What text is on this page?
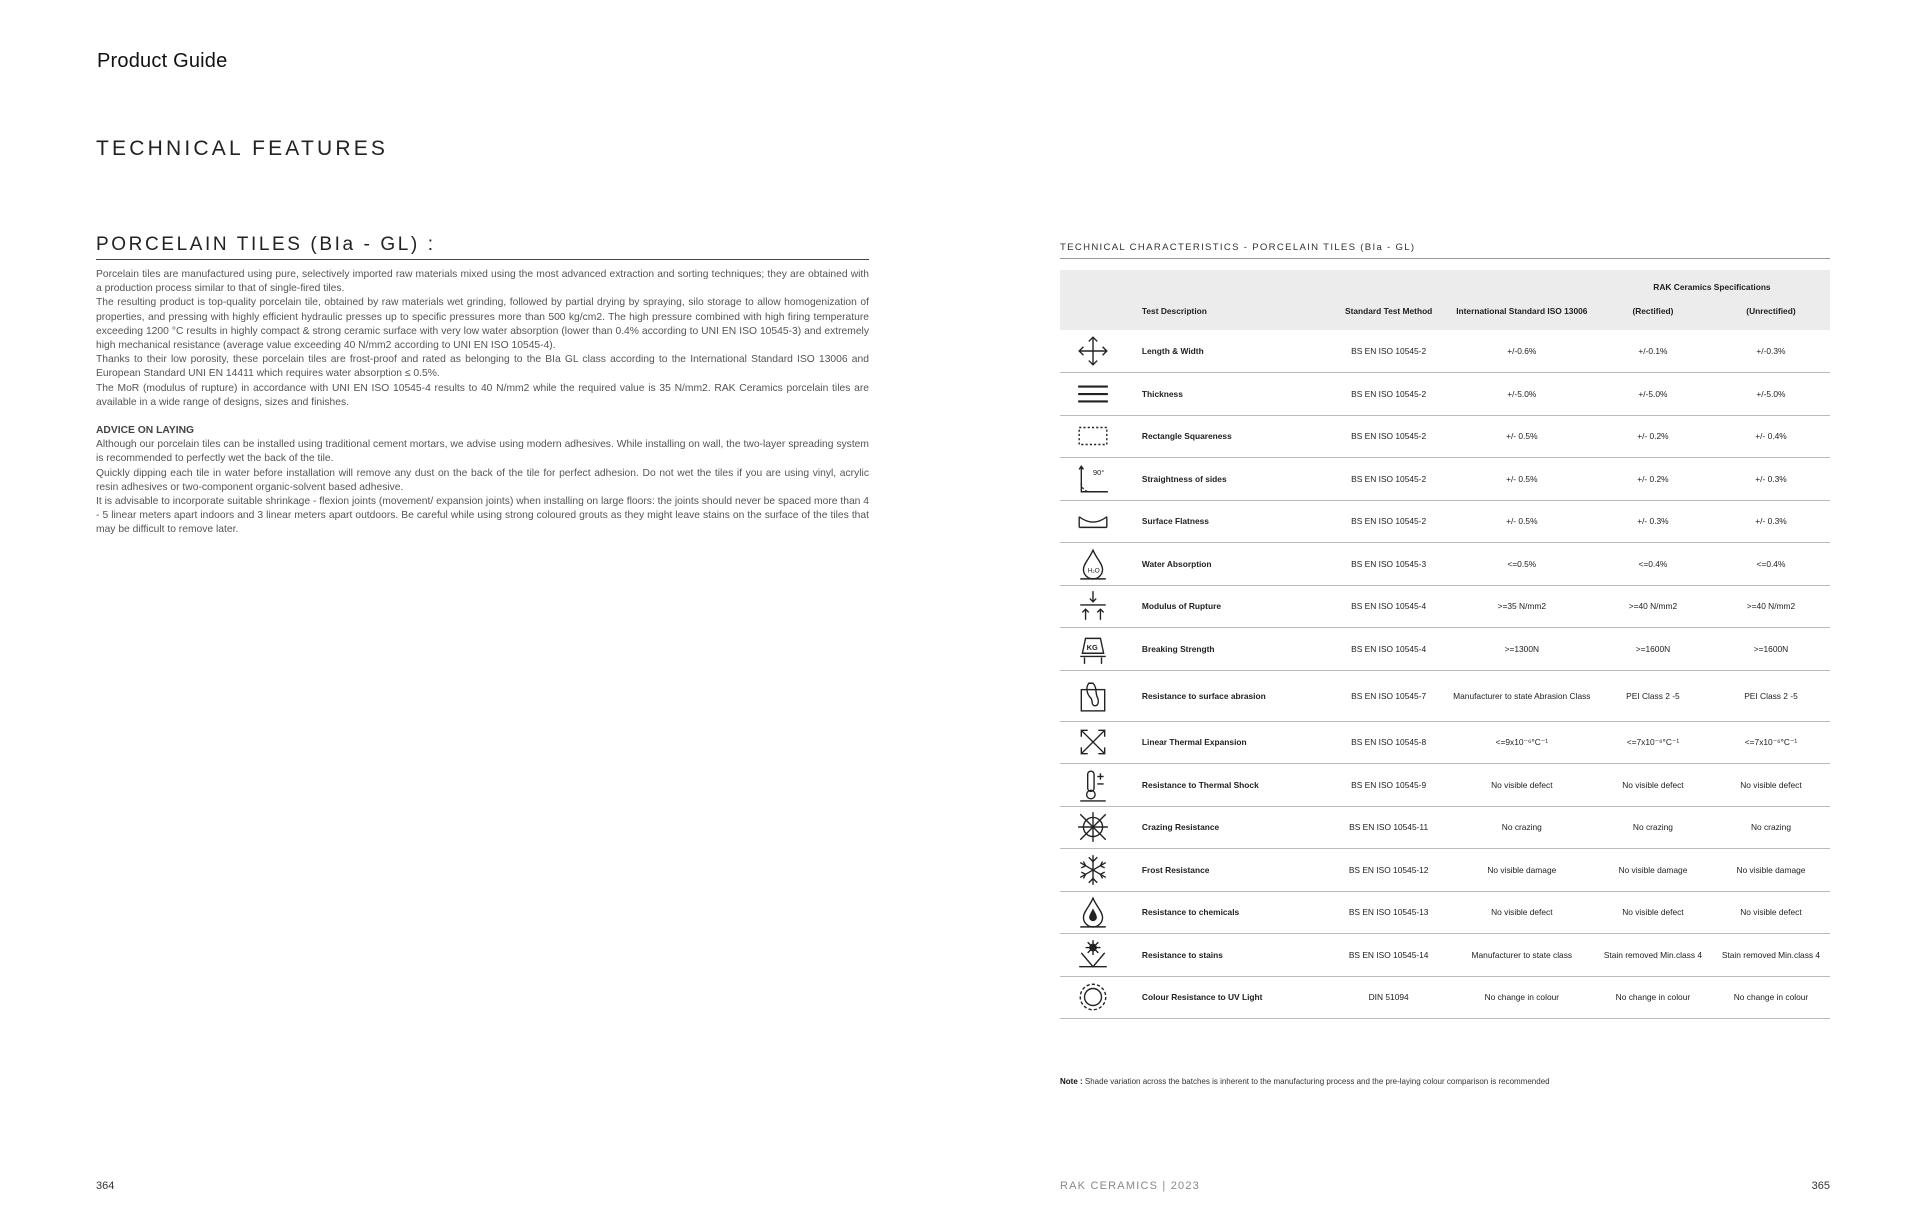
Product Guide
TECHNICAL FEATURES
PORCELAIN TILES (BIa - GL) :

Porcelain tiles are manufactured using pure, selectively imported raw materials mixed using the most advanced extraction and sorting techniques; they are obtained with a production process similar to that of single-fired tiles.

The resulting product is top-quality porcelain tile, obtained by raw materials wet grinding, followed by partial drying by spraying, silo storage to allow homogenization of properties, and pressing with highly efficient hydraulic presses up to specific pressures more than 500 kg/cm2. The high pressure combined with high firing temperature exceeding 1200 °C results in highly compact & strong ceramic surface with very low water absorption (lower than 0.4% according to UNI EN ISO 10545-3) and extremely high mechanical resistance (average value exceeding 40 N/mm2 according to UNI EN ISO 10545-4).

Thanks to their low porosity, these porcelain tiles are frost-proof and rated as belonging to the BIa GL class according to the International Standard ISO 13006 and European Standard UNI EN 14411 which requires water absorption ≤ 0.5%.

The MoR (modulus of rupture) in accordance with UNI EN ISO 10545-4 results to 40 N/mm2 while the required value is 35 N/mm2. RAK Ceramics porcelain tiles are available in a wide range of designs, sizes and finishes.

ADVICE ON LAYING

Although our porcelain tiles can be installed using traditional cement mortars, we advise using modern adhesives. While installing on wall, the two-layer spreading system is recommended to perfectly wet the back of the tile.

Quickly dipping each tile in water before installation will remove any dust on the back of the tile for perfect adhesion. Do not wet the tiles if you are using vinyl, acrylic resin adhesives or two-component organic-solvent based adhesive.

It is advisable to incorporate suitable shrinkage - flexion joints (movement/ expansion joints) when installing on large floors: the joints should never be spaced more than 4 - 5 linear meters apart indoors and 3 linear meters apart outdoors. Be careful while using strong coloured grouts as they might leave stains on the surface of the tiles that may be difficult to remove later.

TECHNICAL CHARACTERISTICS - PORCELAIN TILES (BIa - GL)
	Test Description	Standard Test Method	International Standard ISO 13006	RAK Ceramics Specifications	
				(Rectified)	(Unrectified)

	Length & Width	BS EN ISO 10545-2	+/-0.6%	+/-0.1%	+/-0.3%

	Thickness	BS EN ISO 10545-2	+/-5.0%	+/-5.0%	+/-5.0%

	Rectangle Squareness	BS EN ISO 10545-2	+/- 0.5%	+/- 0.2%	+/- 0.4%

90°	Straightness of sides	BS EN ISO 10545-2	+/- 0.5%	+/- 0.2%	+/- 0.3%

	Surface Flatness	BS EN ISO 10545-2	+/- 0.5%	+/- 0.3%	+/- 0.3%

H₂O	Water Absorption	BS EN ISO 10545-3	<=0.5%	<=0.4%	<=0.4%

	Modulus of Rupture	BS EN ISO 10545-4	>=35 N/mm2	>=40 N/mm2	>=40 N/mm2

KG	Breaking Strength	BS EN ISO 10545-4	>=1300N	>=1600N	>=1600N

	Resistance to surface abrasion	BS EN ISO 10545-7	Manufacturer to state Abrasion Class	PEI Class 2 -5	PEI Class 2 -5

	Linear Thermal Expansion	BS EN ISO 10545-8	<=9x10⁻⁶°C⁻¹	<=7x10⁻⁶°C⁻¹	<=7x10⁻⁶°C⁻¹

	Resistance to Thermal Shock	BS EN ISO 10545-9	No visible defect	No visible defect	No visible defect

	Crazing Resistance	BS EN ISO 10545-11	No crazing	No crazing	No crazing

	Frost Resistance	BS EN ISO 10545-12	No visible damage	No visible damage	No visible damage

	Resistance to chemicals	BS EN ISO 10545-13	No visible defect	No visible defect	No visible defect

	Resistance to stains	BS EN ISO 10545-14	Manufacturer to state class	Stain removed Min.class 4	Stain removed Min.class 4

	Colour Resistance to UV Light	DIN 51094	No change in colour	No change in colour	No change in colour
Note : Shade variation across the batches is inherent to the manufacturing process and the pre-laying colour comparison is recommended
364	RAK CERAMICS | 2023	365
